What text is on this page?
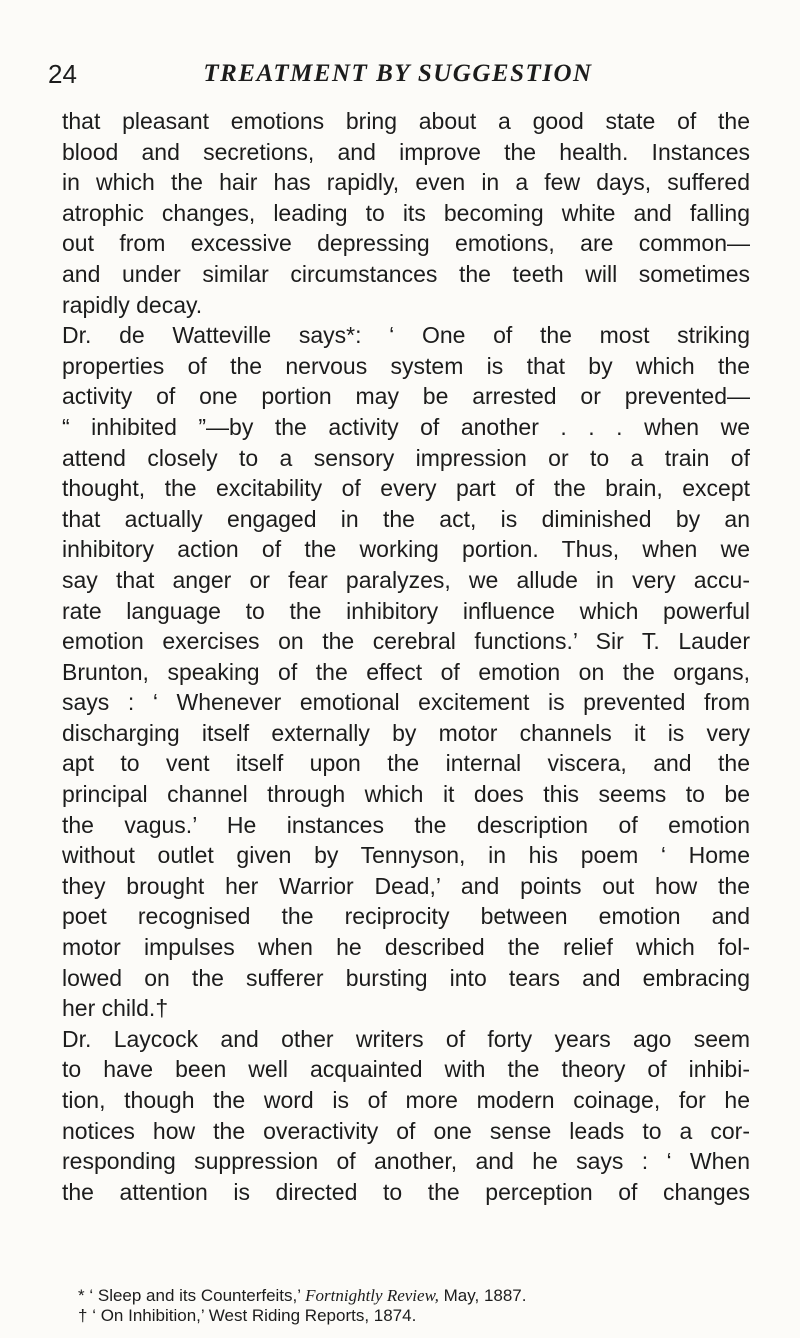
24	TREATMENT BY SUGGESTION
that pleasant emotions bring about a good state of the
blood and secretions, and improve the health. Instances
in which the hair has rapidly, even in a few days, suffered
atrophic changes, leading to its becoming white and falling
out from excessive depressing emotions, are common—
and under similar circumstances the teeth will sometimes
rapidly decay.
Dr. de Watteville says*: ‘ One of the most striking
properties of the nervous system is that by which the
activity of one portion may be arrested or prevented—
“ inhibited ”—by the activity of another . . . when we
attend closely to a sensory impression or to a train of
thought, the excitability of every part of the brain, except
that actually engaged in the act, is diminished by an
inhibitory action of the working portion. Thus, when we
say that anger or fear paralyzes, we allude in very accu-
rate language to the inhibitory influence which powerful
emotion exercises on the cerebral functions.’ Sir T. Lauder
Brunton, speaking of the effect of emotion on the organs,
says : ‘ Whenever emotional excitement is prevented from
discharging itself externally by motor channels it is very
apt to vent itself upon the internal viscera, and the
principal channel through which it does this seems to be
the vagus.’ He instances the description of emotion
without outlet given by Tennyson, in his poem ‘ Home
they brought her Warrior Dead,’ and points out how the
poet recognised the reciprocity between emotion and
motor impulses when he described the relief which fol-
lowed on the sufferer bursting into tears and embracing
her child.†
Dr. Laycock and other writers of forty years ago seem
to have been well acquainted with the theory of inhibi-
tion, though the word is of more modern coinage, for he
notices how the overactivity of one sense leads to a cor-
responding suppression of another, and he says : ‘ When
the attention is directed to the perception of changes
* ‘ Sleep and its Counterfeits,’ Fortnightly Review, May, 1887.
† ‘ On Inhibition,’ West Riding Reports, 1874.
